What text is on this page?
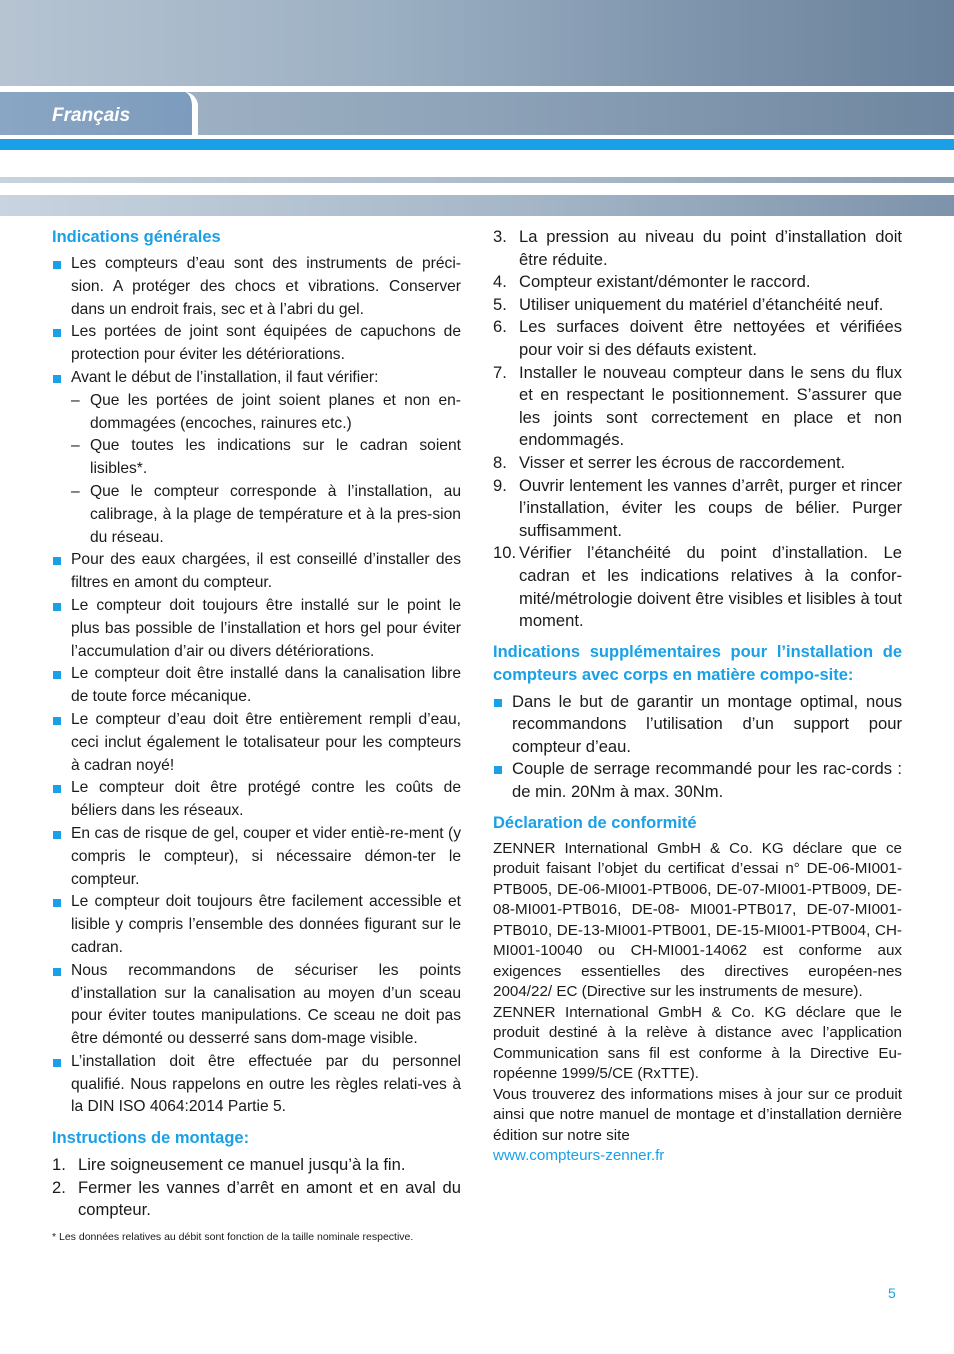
Français
Indications générales
Les compteurs d’eau sont des instruments de préci-sion. A protéger des chocs et vibrations. Conserver dans un endroit frais, sec et à l’abri du gel.
Les portées de joint sont équipées de capuchons de protection pour éviter les détériorations.
Avant le début de l’installation, il faut vérifier:
– Que les portées de joint soient planes et non en-dommagées (encoches, rainures etc.)
– Que toutes les indications sur le cadran soient lisibles*.
– Que le compteur corresponde à l’installation, au calibrage, à la plage de température et à la pres-sion du réseau.
Pour des eaux chargées, il est conseillé d’installer des filtres en amont du compteur.
Le compteur doit toujours être installé sur le point le plus bas possible de l’installation et hors gel pour éviter l’accumulation d’air ou divers détériorations.
Le compteur doit être installé dans la canalisation libre de toute force mécanique.
Le compteur d’eau doit être entièrement rempli d’eau, ceci inclut également le totalisateur pour les compteurs à cadran noyé!
Le compteur doit être protégé contre les coûts de béliers dans les réseaux.
En cas de risque de gel, couper et vider entiè-re-ment (y compris le compteur), si nécessaire démon-ter le compteur.
Le compteur doit toujours être facilement accessible et lisible y compris l’ensemble des données figurant sur le cadran.
Nous recommandons de sécuriser les points d’installation sur la canalisation au moyen d’un sceau pour éviter toutes manipulations. Ce sceau ne doit pas être démonté ou desserré sans dom-mage visible.
L’installation doit être effectuée par du personnel qualifié. Nous rappelons en outre les règles relati-ves à la DIN ISO 4064:2014 Partie 5.
Instructions de montage:
1. Lire soigneusement ce manuel jusqu’à la fin.
2. Fermer les vannes d’arrêt en amont et en aval du compteur.
* Les données relatives au débit sont fonction de la taille nominale respective.
3. La pression au niveau du point d’installation doit être réduite.
4. Compteur existant/démonter le raccord.
5. Utiliser uniquement du matériel d’étanchéité neuf.
6. Les surfaces doivent être nettoyées et vérifiées pour voir si des défauts existent.
7. Installer le nouveau compteur dans le sens du flux et en respectant le positionnement. S’assurer que les joints sont correctement en place et non endommagés.
8. Visser et serrer les écrous de raccordement.
9. Ouvrir lentement les vannes d’arrêt, purger et rincer l’installation, éviter les coups de bélier. Purger suffisamment.
10. Vérifier l’étanchéité du point d’installation. Le cadran et les indications relatives à la confor-mité/métrologie doivent être visibles et lisibles à tout moment.
Indications supplémentaires pour l’installation de compteurs avec corps en matière compo-site:
Dans le but de garantir un montage optimal, nous recommandons l’utilisation d’un support pour compteur d’eau.
Couple de serrage recommandé pour les rac-cords : de min. 20Nm à max. 30Nm.
Déclaration de conformité

ZENNER International GmbH & Co. KG déclare que ce produit faisant l’objet du certificat d’essai n° DE-06-MI001-PTB005, DE-06-MI001-PTB006, DE-07-MI001-PTB009, DE-08-MI001-PTB016, DE-08- MI001-PTB017, DE-07-MI001-PTB010, DE-13-MI001-PTB001, DE-15-MI001-PTB004, CH-MI001-10040 ou CH-MI001-14062 est conforme aux exigences essentielles des directives européen-nes 2004/22/ EC (Directive sur les instruments de mesure).

ZENNER International GmbH & Co. KG déclare que le produit destiné à la relève à distance avec l’application Communication sans fil est conforme à la Directive Eu-ropéenne 1999/5/CE (RxTTE).

Vous trouverez des informations mises à jour sur ce produit ainsi que notre manuel de montage et d’installation dernière édition sur notre site

www.compteurs-zenner.fr

5
